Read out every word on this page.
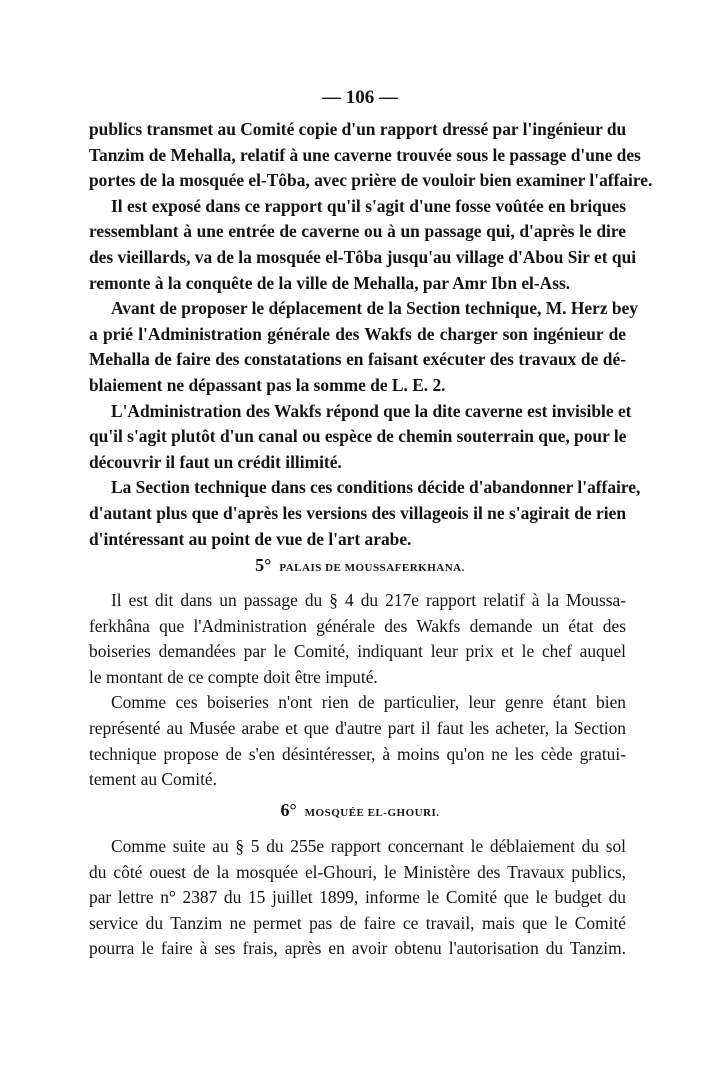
— 106 —
publics transmet au Comité copie d'un rapport dressé par l'ingénieur du
Tanzim de Mehalla, relatif à une caverne trouvée sous le passage d'une des
portes de la mosquée el-Tôba, avec prière de vouloir bien examiner l'affaire.
Il est exposé dans ce rapport qu'il s'agit d'une fosse voûtée en briques
ressemblant à une entrée de caverne ou à un passage qui, d'après le dire
des vieillards, va de la mosquée el-Tôba jusqu'au village d'Abou Sir et qui
remonte à la conquête de la ville de Mehalla, par Amr Ibn el-Ass.
Avant de proposer le déplacement de la Section technique, M. Herz bey
a prié l'Administration générale des Wakfs de charger son ingénieur de
Mehalla de faire des constatations en faisant exécuter des travaux de dé-
blaiement ne dépassant pas la somme de L. E. 2.
L'Administration des Wakfs répond que la dite caverne est invisible et
qu'il s'agit plutôt d'un canal ou espèce de chemin souterrain que, pour le
découvrir il faut un crédit illimité.
La Section technique dans ces conditions décide d'abandonner l'affaire,
d'autant plus que d'après les versions des villageois il ne s'agirait de rien
d'intéressant au point de vue de l'art arabe.
5° PALAIS DE MOUSSAFERKHANA.
Il est dit dans un passage du § 4 du 217e rapport relatif à la Moussa-
ferkhâna que l'Administration générale des Wakfs demande un état des
boiseries demandées par le Comité, indiquant leur prix et le chef auquel
le montant de ce compte doit être imputé.
Comme ces boiseries n'ont rien de particulier, leur genre étant bien
représenté au Musée arabe et que d'autre part il faut les acheter, la Section
technique propose de s'en désintéresser, à moins qu'on ne les cède gratui-
tement au Comité.
6° MOSQUÉE EL-GHOURI.
Comme suite au § 5 du 255e rapport concernant le déblaiement du sol
du côté ouest de la mosquée el-Ghouri, le Ministère des Travaux publics,
par lettre n° 2387 du 15 juillet 1899, informe le Comité que le budget du
service du Tanzim ne permet pas de faire ce travail, mais que le Comité
pourra le faire à ses frais, après en avoir obtenu l'autorisation du Tanzim.
